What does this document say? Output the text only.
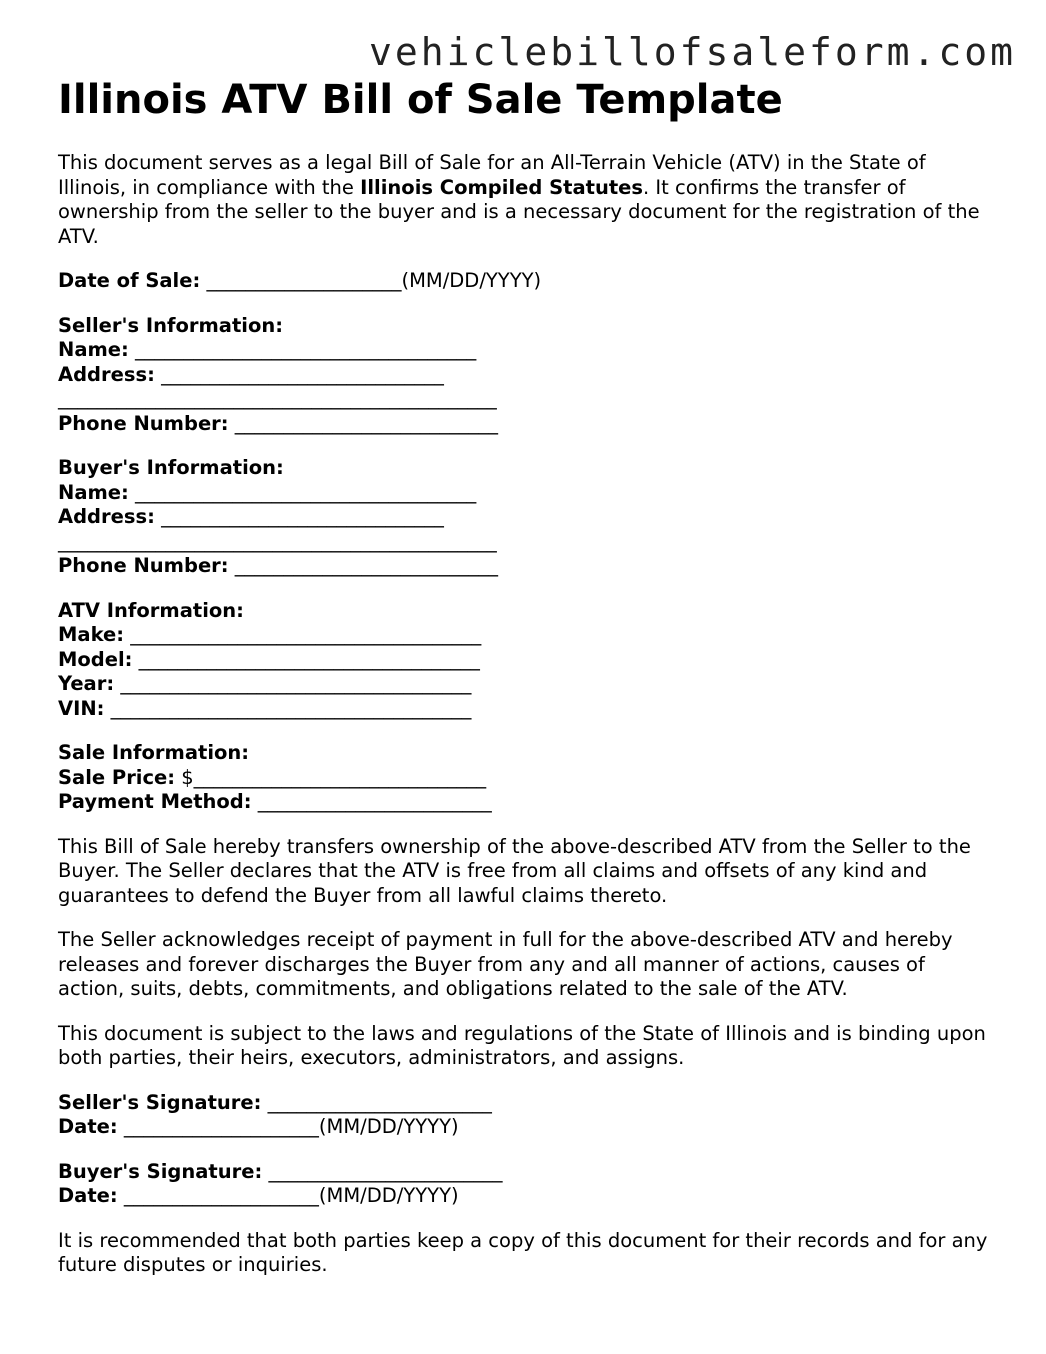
vehiclebillofsaleform.com
Illinois ATV Bill of Sale Template

This document serves as a legal Bill of Sale for an All-Terrain Vehicle (ATV) in the State of Illinois, in compliance with the Illinois Compiled Statutes. It confirms the transfer of ownership from the seller to the buyer and is a necessary document for the registration of the ATV.

Date of Sale: ____________________(MM/DD/YYYY)
Seller's Information:
Name: ___________________________________
Address: _____________________________
_____________________________________________
Phone Number: ___________________________
Buyer's Information:
Name: ___________________________________
Address: _____________________________
_____________________________________________
Phone Number: ___________________________
ATV Information:
Make: ____________________________________
Model: ___________________________________
Year: ____________________________________
VIN: _____________________________________
Sale Information:
Sale Price: $______________________________
Payment Method: ________________________

This Bill of Sale hereby transfers ownership of the above-described ATV from the Seller to the Buyer. The Seller declares that the ATV is free from all claims and offsets of any kind and guarantees to defend the Buyer from all lawful claims thereto.

The Seller acknowledges receipt of payment in full for the above-described ATV and hereby releases and forever discharges the Buyer from any and all manner of actions, causes of action, suits, debts, commitments, and obligations related to the sale of the ATV.

This document is subject to the laws and regulations of the State of Illinois and is binding upon both parties, their heirs, executors, administrators, and assigns.

Seller's Signature: _______________________
Date: ____________________(MM/DD/YYYY)
Buyer's Signature: ________________________
Date: ____________________(MM/DD/YYYY)

It is recommended that both parties keep a copy of this document for their records and for any future disputes or inquiries.
